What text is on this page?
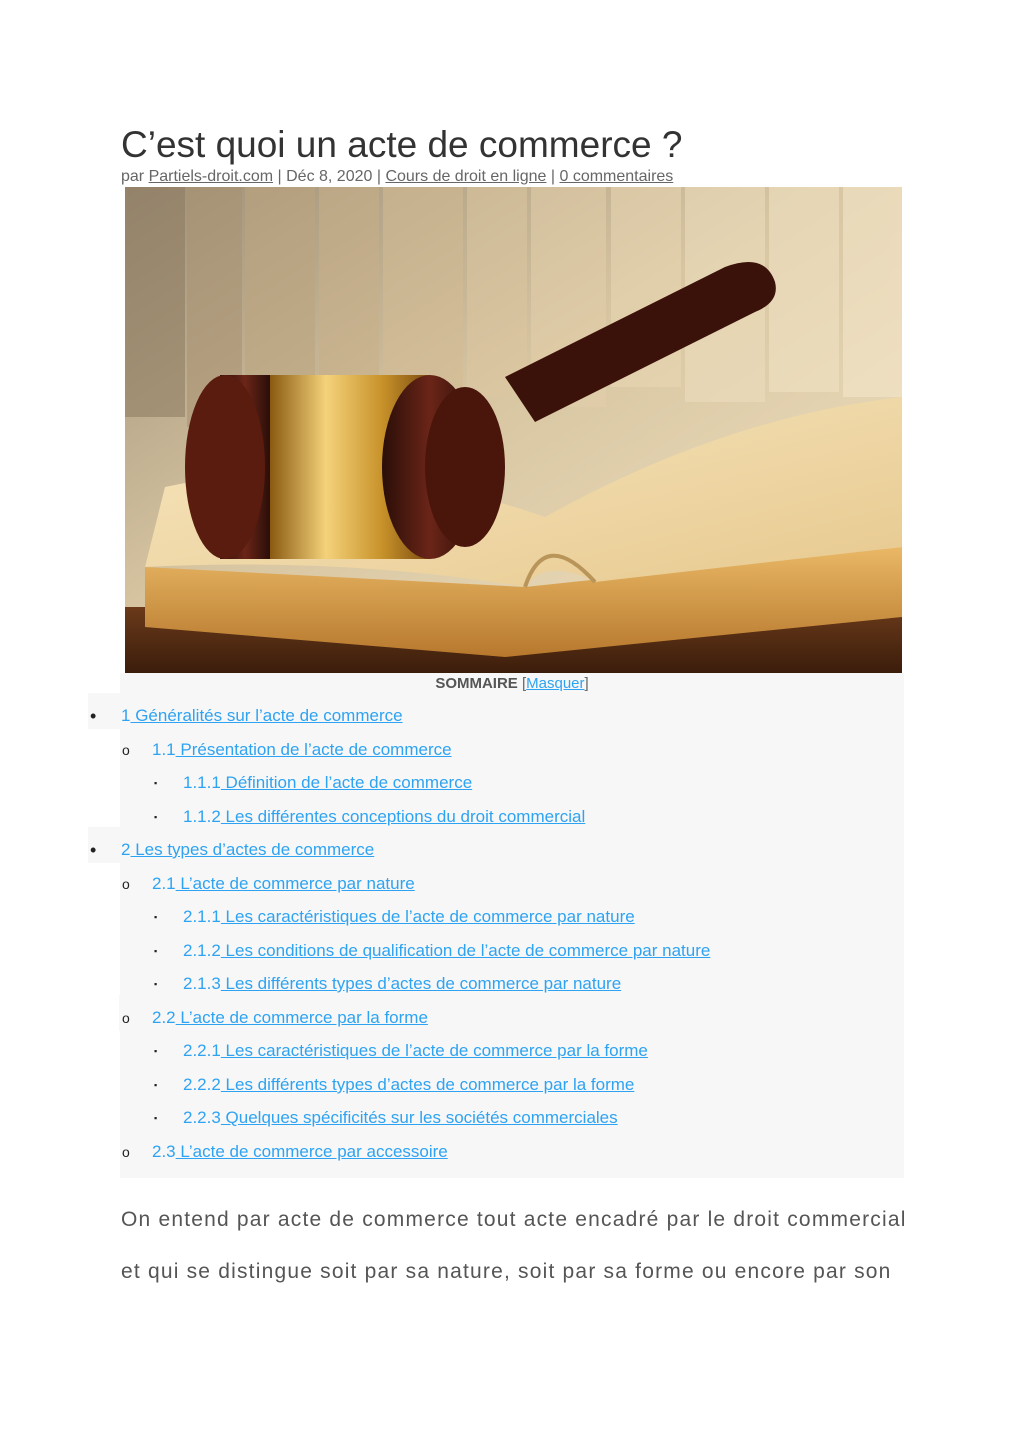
C’est quoi un acte de commerce ?
par Partiels-droit.com | Déc 8, 2020 | Cours de droit en ligne | 0 commentaires
SOMMAIRE [Masquer]
• 1 Généralités sur l’acte de commerce
o 1.1 Présentation de l’acte de commerce
▪ 1.1.1 Définition de l’acte de commerce
▪ 1.1.2 Les différentes conceptions du droit commercial
• 2 Les types d’actes de commerce
o 2.1 L’acte de commerce par nature
▪ 2.1.1 Les caractéristiques de l’acte de commerce par nature
▪ 2.1.2 Les conditions de qualification de l’acte de commerce par nature
▪ 2.1.3 Les différents types d’actes de commerce par nature
o 2.2 L’acte de commerce par la forme
▪ 2.2.1 Les caractéristiques de l’acte de commerce par la forme
▪ 2.2.2 Les différents types d’actes de commerce par la forme
▪ 2.2.3 Quelques spécificités sur les sociétés commerciales
o 2.3 L’acte de commerce par accessoire
On entend par acte de commerce tout acte encadré par le droit commercial
et qui se distingue soit par sa nature, soit par sa forme ou encore par son
